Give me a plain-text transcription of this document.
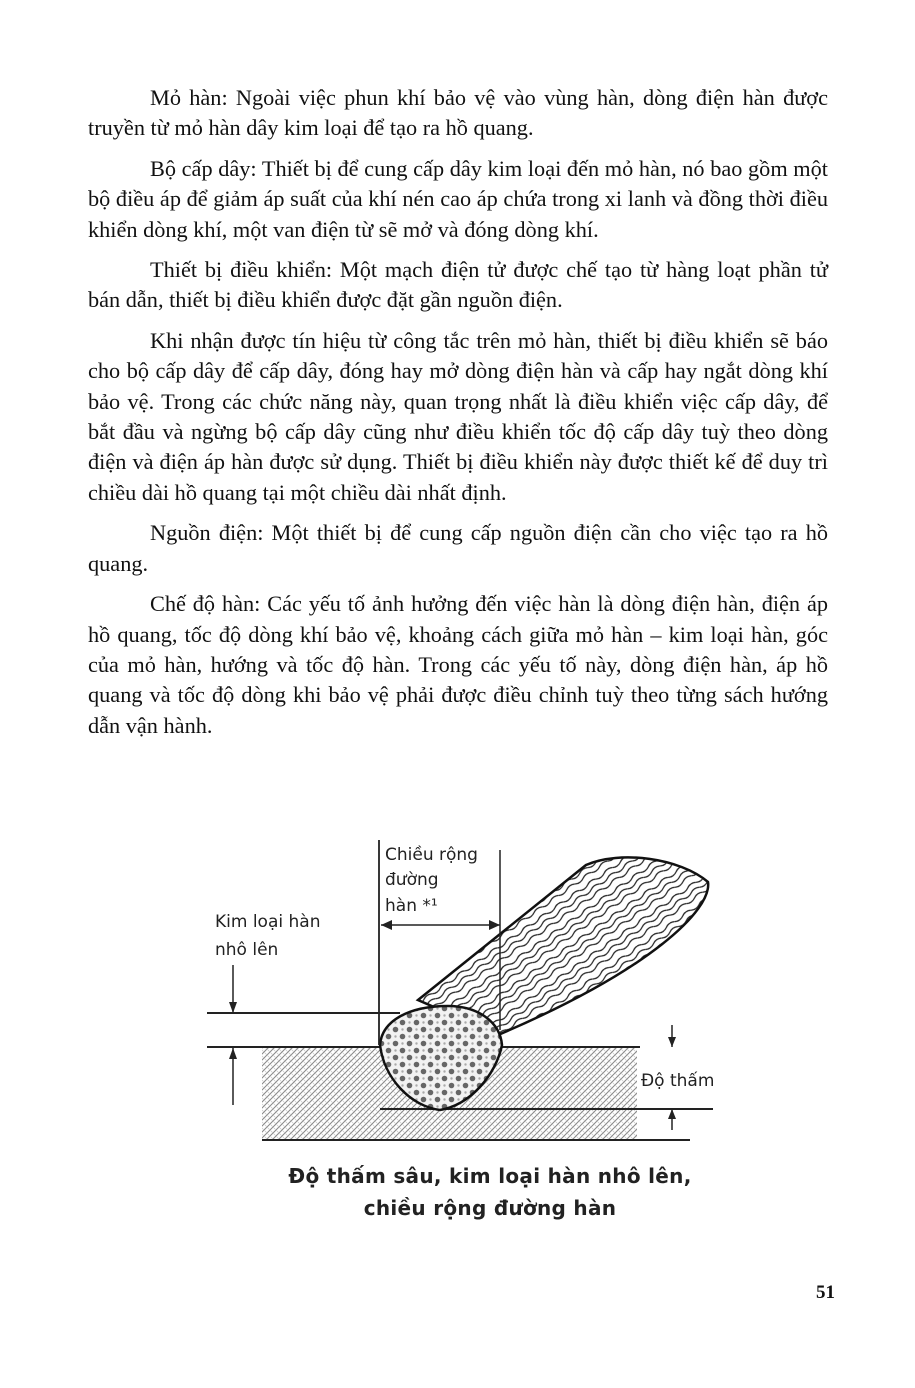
Mỏ hàn: Ngoài việc phun khí bảo vệ vào vùng hàn, dòng điện hàn được truyền từ mỏ hàn dây kim loại để tạo ra hồ quang.

Bộ cấp dây: Thiết bị để cung cấp dây kim loại đến mỏ hàn, nó bao gồm một bộ điều áp để giảm áp suất của khí nén cao áp chứa trong xi lanh và đồng thời điều khiển dòng khí, một van điện từ sẽ mở và đóng dòng khí.

Thiết bị điều khiển: Một mạch điện tử được chế tạo từ hàng loạt phần tử bán dẫn, thiết bị điều khiển được đặt gần nguồn điện.

Khi nhận được tín hiệu từ công tắc trên mỏ hàn, thiết bị điều khiển sẽ báo cho bộ cấp dây để cấp dây, đóng hay mở dòng điện hàn và cấp hay ngắt dòng khí bảo vệ. Trong các chức năng này, quan trọng nhất là điều khiển việc cấp dây, để bắt đầu và ngừng bộ cấp dây cũng như điều khiển tốc độ cấp dây tuỳ theo dòng điện và điện áp hàn được sử dụng. Thiết bị điều khiển này được thiết kế để duy trì chiều dài hồ quang tại một chiều dài nhất định.

Nguồn điện: Một thiết bị để cung cấp nguồn điện cần cho việc tạo ra hồ quang.

Chế độ hàn: Các yếu tố ảnh hưởng đến việc hàn là dòng điện hàn, điện áp hồ quang, tốc độ dòng khí bảo vệ, khoảng cách giữa mỏ hàn – kim loại hàn, góc của mỏ hàn, hướng và tốc độ hàn. Trong các yếu tố này, dòng điện hàn, áp hồ quang và tốc độ dòng khi bảo vệ phải được điều chỉnh tuỳ theo từng sách hướng dẫn vận hành.

Chiều rộng
đường
hàn *¹
Kim loại hàn
nhô lên
Độ thấm
Độ thấm sâu, kim loại hàn nhô lên,
chiều rộng đường hàn
51
